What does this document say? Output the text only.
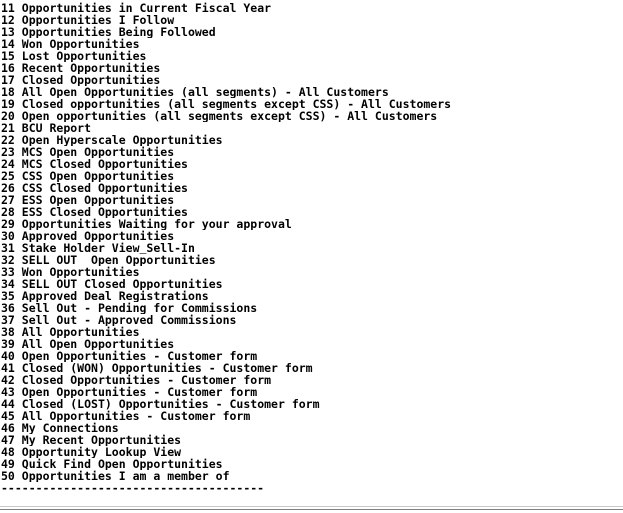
11 Opportunities in Current Fiscal Year
12 Opportunities I Follow
13 Opportunities Being Followed
14 Won Opportunities
15 Lost Opportunities
16 Recent Opportunities
17 Closed Opportunities
18 All Open Opportunities (all segments) - All Customers
19 Closed opportunities (all segments except CSS) - All Customers
20 Open opportunities (all segments except CSS) - All Customers
21 BCU Report
22 Open Hyperscale Opportunities
23 MCS Open Opportunities
24 MCS Closed Opportunities
25 CSS Open Opportunities
26 CSS Closed Opportunities
27 ESS Open Opportunities
28 ESS Closed Opportunities
29 Opportunities Waiting for your approval
30 Approved Opportunities
31 Stake Holder View_Sell-In
32 SELL OUT  Open Opportunities
33 Won Opportunities
34 SELL OUT Closed Opportunities
35 Approved Deal Registrations
36 Sell Out - Pending for Commissions
37 Sell Out - Approved Commissions
38 All Opportunities
39 All Open Opportunities
40 Open Opportunities - Customer form
41 Closed (WON) Opportunities - Customer form
42 Closed Opportunities - Customer form
43 Open Opportunities - Customer form
44 Closed (LOST) Opportunities - Customer form
45 All Opportunities - Customer form
46 My Connections
47 My Recent Opportunities
48 Opportunity Lookup View
49 Quick Find Open Opportunities
50 Opportunities I am a member of
--------------------------------------
